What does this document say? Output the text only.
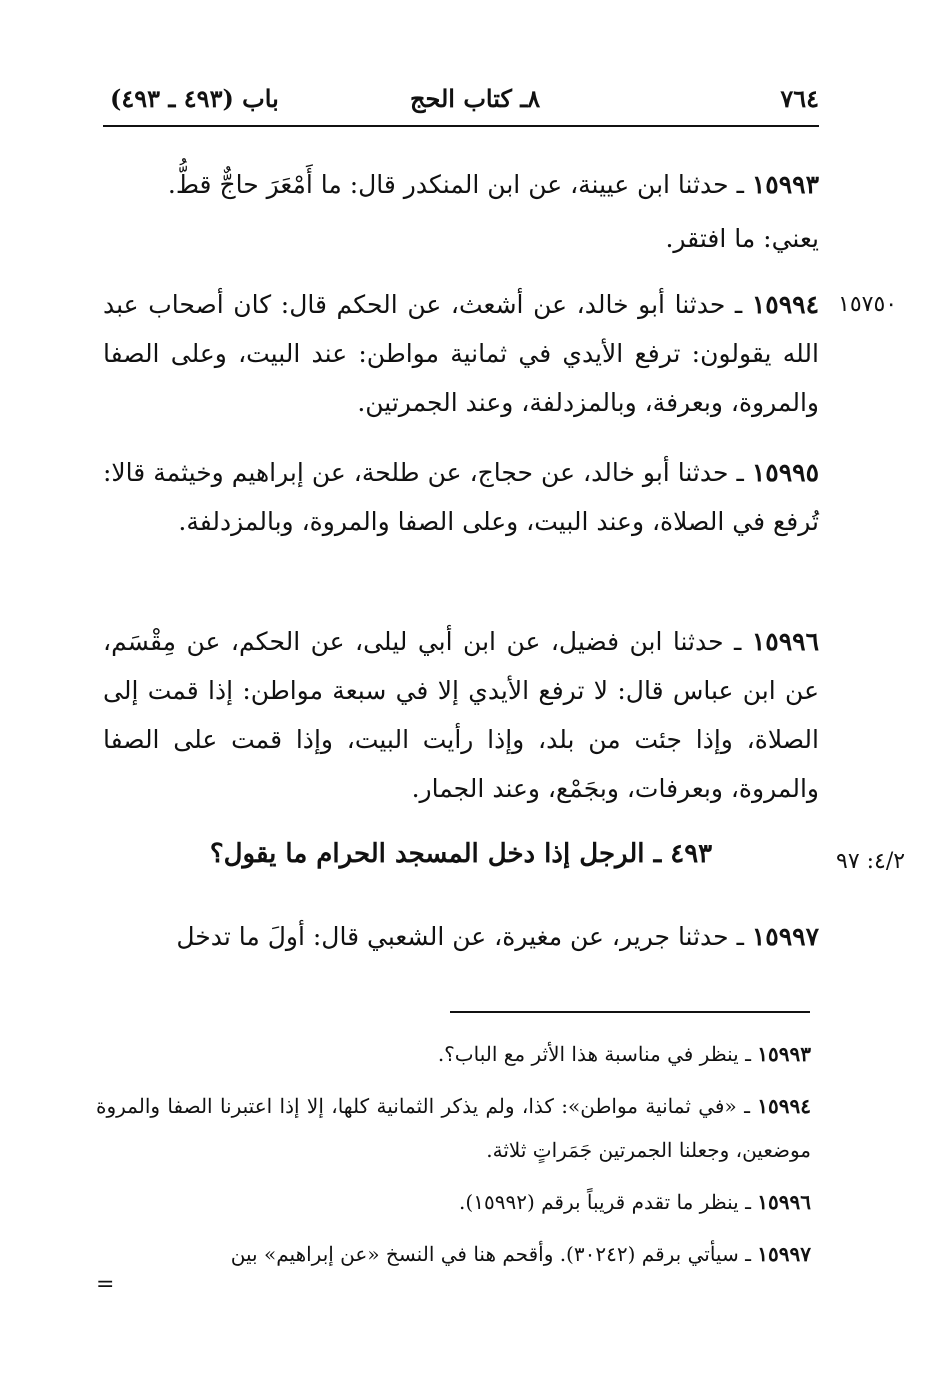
٧٦٤
٨ـ كتاب الحج
باب (٤٩٣ ـ ٤٩٣)
١٥٩٩٣ ـ حدثنا ابن عيينة، عن ابن المنكدر قال: ما أَمْعَرَ حاجٌّ قطُّ.
يعني: ما افتقر.
١٥٧٥٠
١٥٩٩٤ ـ حدثنا أبو خالد، عن أشعث، عن الحكم قال: كان أصحاب عبد الله يقولون: ترفع الأيدي في ثمانية مواطن: عند البيت، وعلى الصفا والمروة، وبعرفة، وبالمزدلفة، وعند الجمرتين.
١٥٩٩٥ ـ حدثنا أبو خالد، عن حجاج، عن طلحة، عن إبراهيم وخيثمة قالا: تُرفع في الصلاة، وعند البيت، وعلى الصفا والمروة، وبالمزدلفة.
١٥٩٩٦ ـ حدثنا ابن فضيل، عن ابن أبي ليلى، عن الحكم، عن مِقْسَم، عن ابن عباس قال: لا ترفع الأيدي إلا في سبعة مواطن: إذا قمت إلى الصلاة، وإذا جئت من بلد، وإذا رأيت البيت، وإذا قمت على الصفا والمروة، وبعرفات، وبجَمْع، وعند الجمار.
٤/٢: ٩٧
٤٩٣ ـ الرجل إذا دخل المسجد الحرام ما يقول؟
١٥٩٩٧ ـ حدثنا جرير، عن مغيرة، عن الشعبي قال: أولَ ما تدخل
١٥٩٩٣ ـ ينظر في مناسبة هذا الأثر مع الباب؟.
١٥٩٩٤ ـ «في ثمانية مواطن»: كذا، ولم يذكر الثمانية كلها، إلا إذا اعتبرنا الصفا والمروة موضعين، وجعلنا الجمرتين جَمَراتٍ ثلاثة.
١٥٩٩٦ ـ ينظر ما تقدم قريباً برقم (١٥٩٩٢).
١٥٩٩٧ ـ سيأتي برقم (٣٠٢٤٢). وأقحم هنا في النسخ «عن إبراهيم» بين
=
